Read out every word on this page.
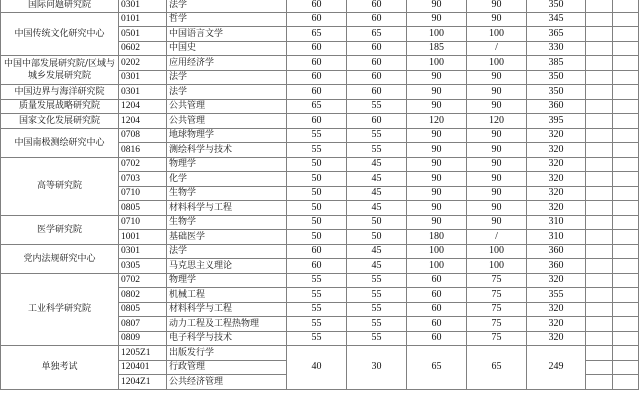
国际问题研究院	0301	法学	60	60	90	90	350		
中国传统文化研究中心	0101	哲学	60	60	90	90	345		
	0501	中国语言文学	65	65	100	100	365		
	0602	中国史	60	60	185	/	330		
中国中部发展研究院/区域与城乡发展研究院	0202	应用经济学	60	60	100	100	385		
	0301	法学	60	60	90	90	350		
中国边界与海洋研究院	0301	法学	60	60	90	90	350		
质量发展战略研究院	1204	公共管理	65	55	90	90	360		
国家文化发展研究院	1204	公共管理	60	60	120	120	395		
中国南极测绘研究中心	0708	地球物理学	55	55	90	90	320		
	0816	测绘科学与技术	55	55	90	90	320		
高等研究院	0702	物理学	50	45	90	90	320		
	0703	化学	50	45	90	90	320		
	0710	生物学	50	45	90	90	320		
	0805	材料科学与工程	50	45	90	90	320		
医学研究院	0710	生物学	50	50	90	90	310		
	1001	基础医学	50	50	180	/	310		
党内法规研究中心	0301	法学	60	45	100	100	360		
	0305	马克思主义理论	60	45	100	100	360		
工业科学研究院	0702	物理学	55	55	60	75	320		
	0802	机械工程	55	55	60	75	355		
	0805	材料科学与工程	55	55	60	75	320		
	0807	动力工程及工程热物理	55	55	60	75	320		
	0809	电子科学与技术	55	55	60	75	320		
单独考试	1205Z1	出版发行学	40	30	65	65	249		
	120401	行政管理							
	1204Z1	公共经济管理							
